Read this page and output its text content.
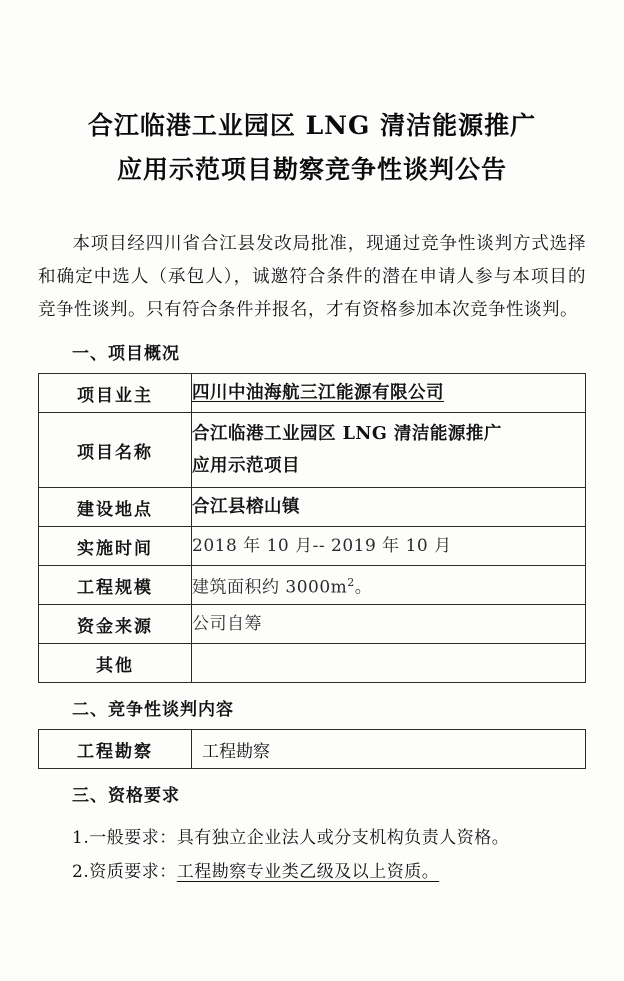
合江临港工业园区 LNG 清洁能源推广
应用示范项目勘察竞争性谈判公告
本项目经四川省合江县发改局批准，现通过竞争性谈判方式选择和确定中选人（承包人），诚邀符合条件的潜在申请人参与本项目的竞争性谈判。只有符合条件并报名，才有资格参加本次竞争性谈判。
一、项目概况
项目业主	四川中油海航三江能源有限公司
项目名称	合江临港工业园区 LNG 清洁能源推广
应用示范项目

建设地点	合江县榕山镇
实施时间	2018 年 10 月-- 2019 年 10 月
工程规模	建筑面积约 $3000m^2$。
资金来源	公司自筹
其他	
二、竞争性谈判内容
工程勘察	工程勘察
三、资格要求
1.一般要求：具有独立企业法人或分支机构负责人资格。
2.资质要求：工程勘察专业类乙级及以上资质。
